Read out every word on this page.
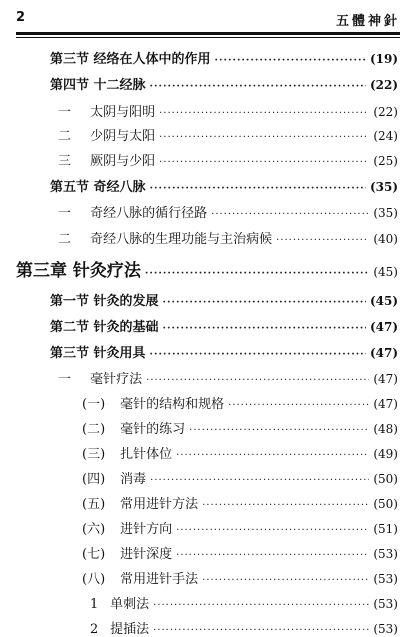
2	五體神針
第三节 经络在人体中的作用 ·····	(19)
第四节 十二经脉 ·····	(22)
一 太阴与阳明 ·····	(22)
二 少阴与太阳 ·····	(24)
三 厥阴与少阳 ·····	(25)
第五节 奇经八脉 ·····	(35)
一 奇经八脉的循行径路 ·····	(35)
二 奇经八脉的生理功能与主治病候 ·····	(40)
第三章 针灸疗法 ·····	(45)
第一节 针灸的发展 ·····	(45)
第二节 针灸的基础 ·····	(47)
第三节 针灸用具 ·····	(47)
一 毫针疗法 ·····	(47)
(一) 毫针的结构和规格 ·····	(47)
(二) 毫针的练习 ·····	(48)
(三) 扎针体位 ·····	(49)
(四) 消毒 ·····	(50)
(五) 常用进针方法 ·····	(50)
(六) 进针方向 ·····	(51)
(七) 进针深度 ·····	(53)
(八) 常用进针手法 ·····	(53)
1 单刺法 ·····	(53)
2 提插法 ·····	(53)
